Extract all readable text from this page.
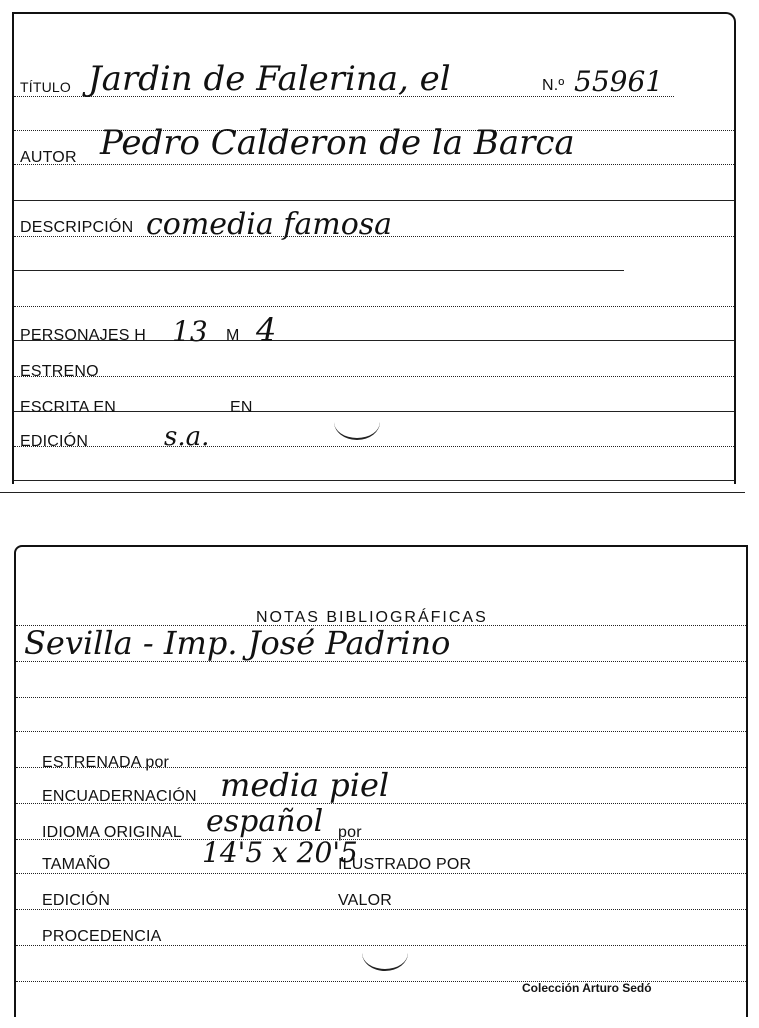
TÍTULO Jardin de Falerina, el	N.º 55961
AUTOR Pedro Calderon de la Barca
DESCRIPCIÓN comedia famosa
PERSONAJES H 13 M 4
ESTRENO
ESCRITA EN	EN
EDICIÓN	s.a.
NOTAS BIBLIOGRÁFICAS
Sevilla - Imp. José Padrino
ESTRENADA por
ENCUADERNACIÓN media piel
IDIOMA ORIGINAL español por
TAMAÑO	14'5 x 20'5
ILUSTRADO POR
EDICIÓN	VALOR
PROCEDENCIA
Colección Arturo Sedó
